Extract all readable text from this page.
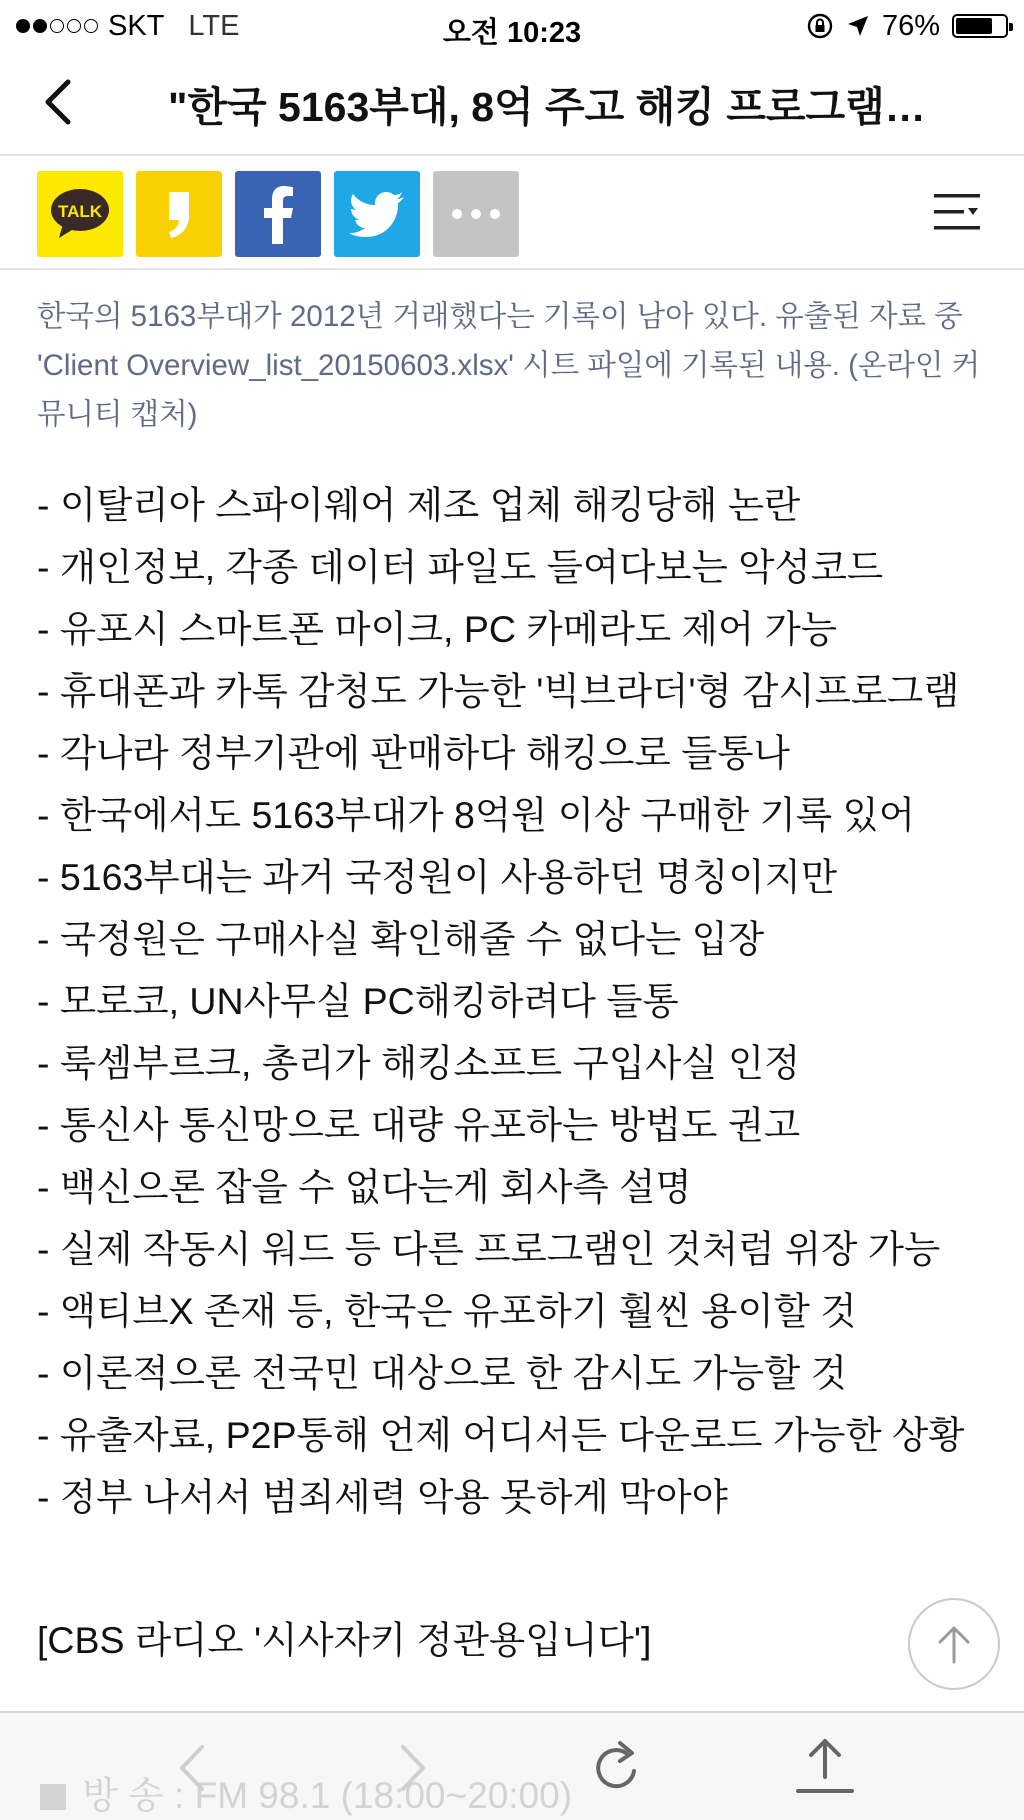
SKT LTE	오전 10:23	76%
"한국 5163부대, 8억 주고 해킹 프로그램…
TALK
한국의 5163부대가 2012년 거래했다는 기록이 남아 있다. 유출된 자료 중 'Client Overview_list_20150603.xlsx' 시트 파일에 기록된 내용. (온라인 커뮤니티 캡처)
- 이탈리아 스파이웨어 제조 업체 해킹당해 논란
- 개인정보, 각종 데이터 파일도 들여다보는 악성코드
- 유포시 스마트폰 마이크, PC 카메라도 제어 가능
- 휴대폰과 카톡 감청도 가능한 '빅브라더'형 감시프로그램
- 각나라 정부기관에 판매하다 해킹으로 들통나
- 한국에서도 5163부대가 8억원 이상 구매한 기록 있어
- 5163부대는 과거 국정원이 사용하던 명칭이지만
- 국정원은 구매사실 확인해줄 수 없다는 입장
- 모로코, UN사무실 PC해킹하려다 들통
- 룩셈부르크, 총리가 해킹소프트 구입사실 인정
- 통신사 통신망으로 대량 유포하는 방법도 권고
- 백신으론 잡을 수 없다는게 회사측 설명
- 실제 작동시 워드 등 다른 프로그램인 것처럼 위장 가능
- 액티브X 존재 등, 한국은 유포하기 훨씬 용이할 것
- 이론적으론 전국민 대상으로 한 감시도 가능할 것
- 유출자료, P2P통해 언제 어디서든 다운로드 가능한 상황
- 정부 나서서 범죄세력 악용 못하게 막아야
[CBS 라디오 '시사자키 정관용입니다']
방 송 : FM 98.1 (18:00~20:00)
